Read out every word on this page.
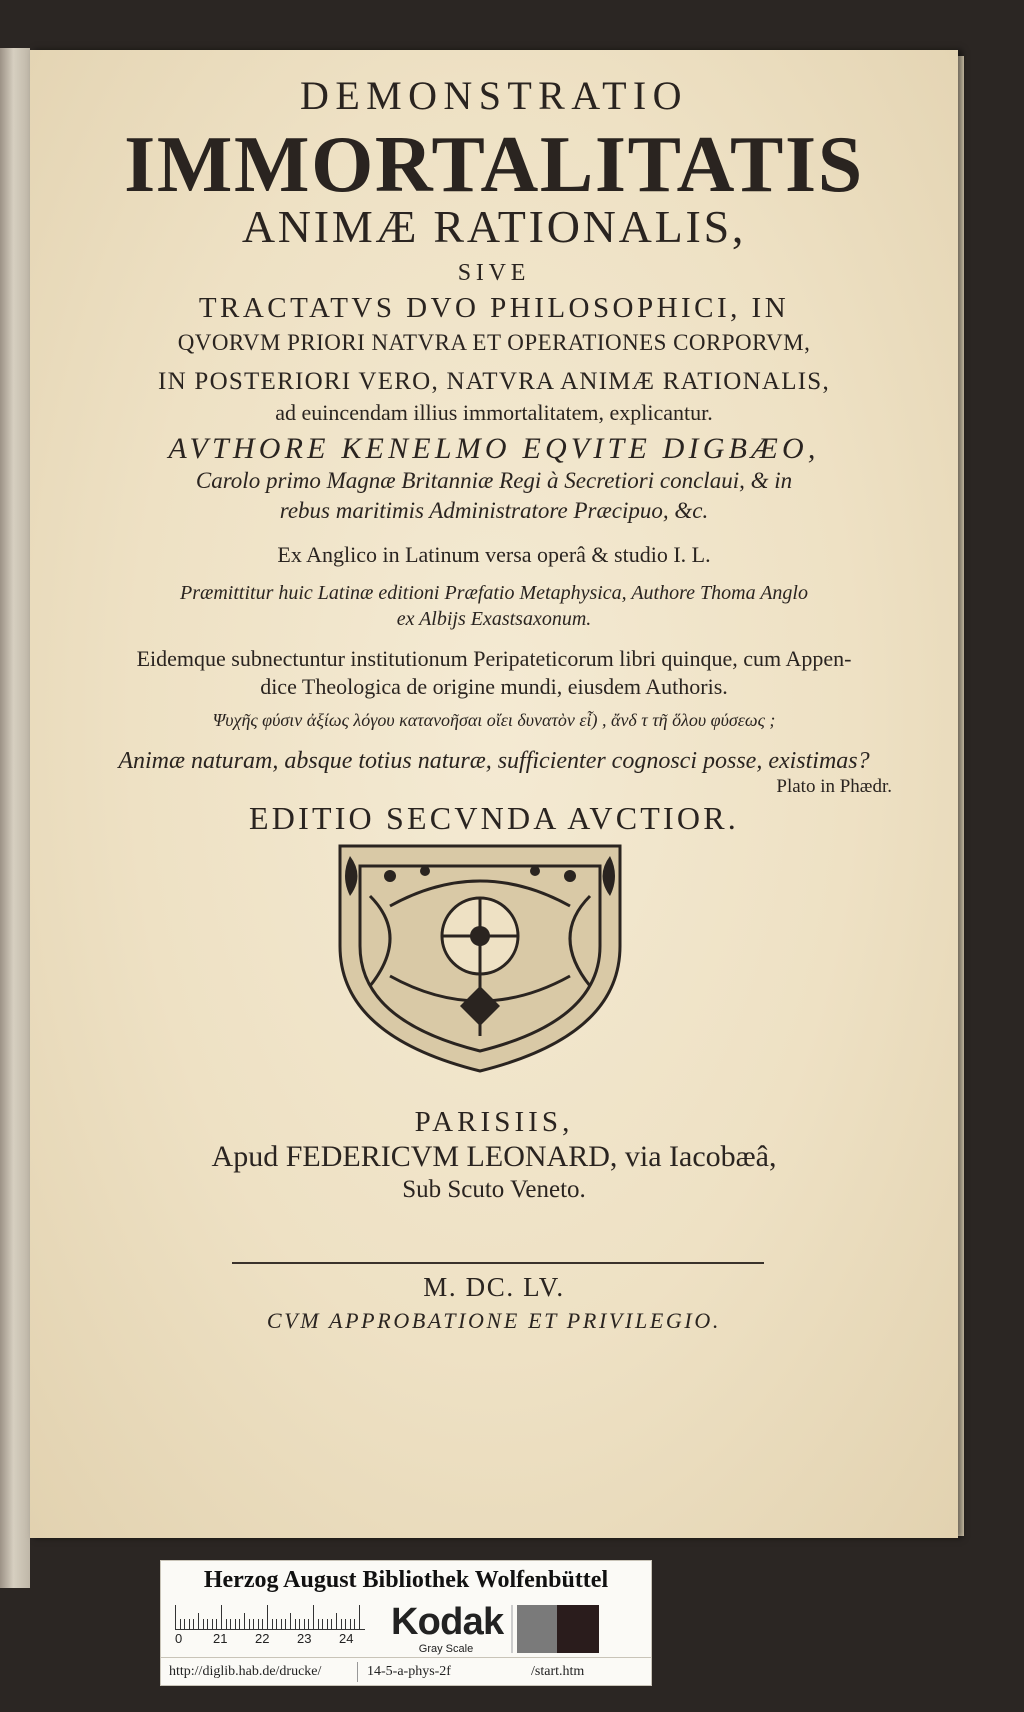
DEMONSTRATIO
IMMORTALITATIS
ANIMÆ RATIONALIS,
SIVE
TRACTATVS DVO PHILOSOPHICI, IN
QVORVM PRIORI NATVRA ET OPERATIONES CORPORVM,
IN POSTERIORI VERO, NATVRA ANIMÆ RATIONALIS,
ad euincendam illius immortalitatem, explicantur.
AVTHORE KENELMO EQVITE DIGBÆO,
Carolo primo Magnæ Britanniæ Regi à Secretiori conclaui, & in
rebus maritimis Administratore Præcipuo, &c.
Ex Anglico in Latinum versa operâ & studio I. L.
Præmittitur huic Latinæ editioni Præfatio Metaphysica, Authore Thoma Anglo
ex Albijs Exastsaxonum.
Eidemque subnectuntur institutionum Peripateticorum libri quinque, cum Appen-
dice Theologica de origine mundi, eiusdem Authoris.
Ψυχῆς φύσιν ἀξίως λόγου κατανοῆσαι οἴει δυνατὸν εἶ) , ἄνδ τ τῆ ὅλου φύσεως ;
Animæ naturam, absque totius naturæ, sufficienter cognosci posse, existimas?
Plato in Phædr.
EDITIO SECVNDA AVCTIOR.
PARISIIS,
Apud FEDERICVM LEONARD, via Iacobæâ,
Sub Scuto Veneto.
M. DC. LV.
CVM APPROBATIONE ET PRIVILEGIO.
Herzog August Bibliothek Wolfenbüttel
0 21 22 23 24 Kodak
Gray Scale
http://diglib.hab.de/drucke/	14-5-a-phys-2f	/start.htm
